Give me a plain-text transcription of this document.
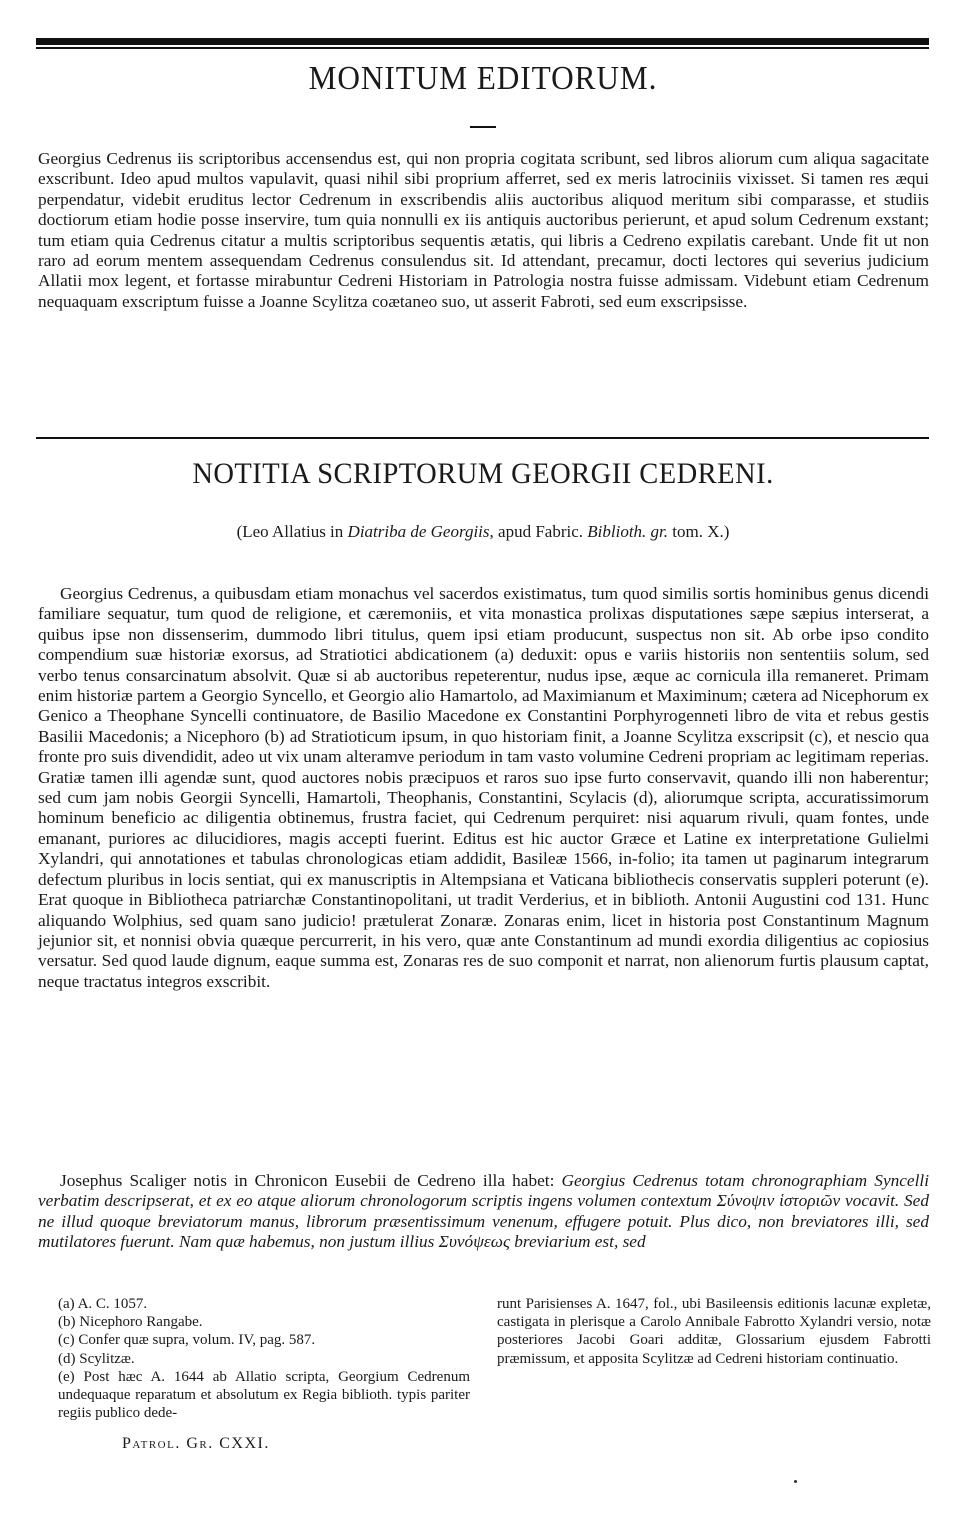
MONITUM EDITORUM.

Georgius Cedrenus iis scriptoribus accensendus est, qui non propria cogitata scribunt, sed libros aliorum cum aliqua sagacitate exscribunt. Ideo apud multos vapulavit, quasi nihil sibi proprium afferret, sed ex meris latrociniis vixisset. Si tamen res æqui perpendatur, videbit eruditus lector Cedrenum in exscribendis aliis auctoribus aliquod meritum sibi comparasse, et studiis doctiorum etiam hodie posse inservire, tum quia nonnulli ex iis antiquis auctoribus perierunt, et apud solum Cedrenum exstant; tum etiam quia Cedrenus citatur a multis scriptoribus sequentis ætatis, qui libris a Cedreno expilatis carebant. Unde fit ut non raro ad eorum mentem assequendam Cedrenus consulendus sit. Id attendant, precamur, docti lectores qui severius judicium Allatii mox legent, et fortasse mirabuntur Cedreni Historiam in Patrologia nostra fuisse admissam. Videbunt etiam Cedrenum nequaquam exscriptum fuisse a Joanne Scylitza coætaneo suo, ut asserit Fabroti, sed eum exscripsisse.

NOTITIA SCRIPTORUM GEORGII CEDRENI.
(Leo Allatius in Diatriba de Georgiis, apud Fabric. Biblioth. gr. tom. X.)

Georgius Cedrenus, a quibusdam etiam monachus vel sacerdos existimatus, tum quod similis sortis hominibus genus dicendi familiare sequatur, tum quod de religione, et cæremoniis, et vita monastica prolixas disputationes sæpe sæpius interserat, a quibus ipse non dissenserim, dummodo libri titulus, quem ipsi etiam producunt, suspectus non sit. Ab orbe ipso condito compendium suæ historiæ exorsus, ad Stratiotici abdicationem (a) deduxit: opus e variis historiis non sententiis solum, sed verbo tenus consarcinatum absolvit. Quæ si ab auctoribus repeterentur, nudus ipse, æque ac cornicula illa remaneret. Primam enim historiæ partem a Georgio Syncello, et Georgio alio Hamartolo, ad Maximianum et Maximinum; cætera ad Nicephorum ex Genico a Theophane Syncelli continuatore, de Basilio Macedone ex Constantini Porphyrogenneti libro de vita et rebus gestis Basilii Macedonis; a Nicephoro (b) ad Stratioticum ipsum, in quo historiam finit, a Joanne Scylitza exscripsit (c), et nescio qua fronte pro suis divendidit, adeo ut vix unam alteramve periodum in tam vasto volumine Cedreni propriam ac legitimam reperias. Gratiæ tamen illi agendæ sunt, quod auctores nobis præcipuos et raros suo ipse furto conservavit, quando illi non haberentur; sed cum jam nobis Georgii Syncelli, Hamartoli, Theophanis, Constantini, Scylacis (d), aliorumque scripta, accuratissimorum hominum beneficio ac diligentia obtinemus, frustra faciet, qui Cedrenum perquiret: nisi aquarum rivuli, quam fontes, unde emanant, puriores ac dilucidiores, magis accepti fuerint. Editus est hic auctor Græce et Latine ex interpretatione Gulielmi Xylandri, qui annotationes et tabulas chronologicas etiam addidit, Basileæ 1566, in-folio; ita tamen ut paginarum integrarum defectum pluribus in locis sentiat, qui ex manuscriptis in Altempsiana et Vaticana bibliothecis conservatis suppleri poterunt (e). Erat quoque in Bibliotheca patriarchæ Constantinopolitani, ut tradit Verderius, et in biblioth. Antonii Augustini cod 131. Hunc aliquando Wolphius, sed quam sano judicio! prætulerat Zonaræ. Zonaras enim, licet in historia post Constantinum Magnum jejunior sit, et nonnisi obvia quæque percurrerit, in his vero, quæ ante Constantinum ad mundi exordia diligentius ac copiosius versatur. Sed quod laude dignum, eaque summa est, Zonaras res de suo componit et narrat, non alienorum furtis plausum captat, neque tractatus integros exscribit.

Josephus Scaliger notis in Chronicon Eusebii de Cedreno illa habet: Georgius Cedrenus totam chronographiam Syncelli verbatim descripserat, et ex eo atque aliorum chronologorum scriptis ingens volumen contextum Σύνοψιν ἱστοριῶν vocavit. Sed ne illud quoque breviatorum manus, librorum præsentissimum venenum, effugere potuit. Plus dico, non breviatores illi, sed mutilatores fuerunt. Nam quæ habemus, non justum illius Συνόψεως breviarium est, sed

(a) A. C. 1057.
(b) Nicephoro Rangabe.
(c) Confer quæ supra, volum. IV, pag. 587.
(d) Scylitzæ.
(e) Post hæc A. 1644 ab Allatio scripta, Georgium Cedrenum undequaque reparatum et absolutum ex Regia biblioth. typis pariter regiis publico dede-
runt Parisienses A. 1647, fol., ubi Basileensis editionis lacunæ expletæ, castigata in plerisque a Carolo Annibale Fabrotto Xylandri versio, notæ posteriores Jacobi Goari additæ, Glossarium ejusdem Fabrotti præmissum, et apposita Scylitzæ ad Cedreni historiam continuatio.
Patrol. Gr. CXXI.
